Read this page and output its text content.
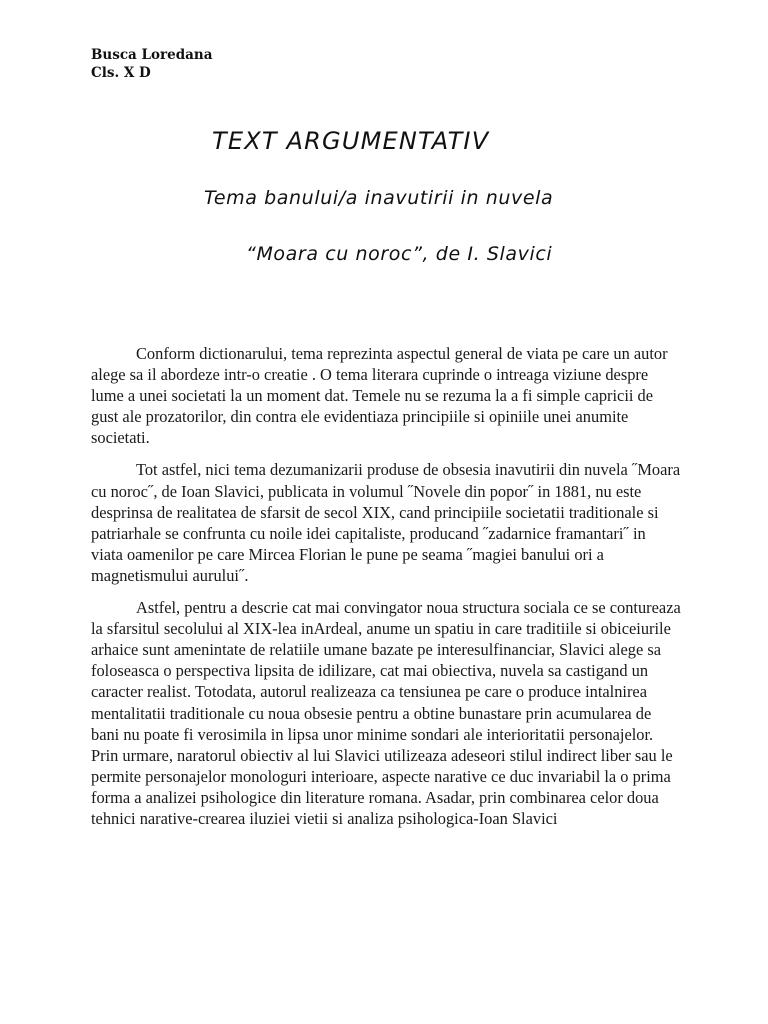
Busca Loredana
Cls. X D
TEXT ARGUMENTATIV
Tema banului/a inavutirii in nuvela
“Moara cu noroc”, de I. Slavici

Conform dictionarului, tema reprezinta aspectul general de viata pe care un autor alege sa il abordeze intr-o creatie . O tema literara cuprinde o intreaga viziune despre lume a unei societati la un moment dat. Temele nu se rezuma la a fi simple capricii de gust ale prozatorilor, din contra ele evidentiaza principiile si opiniile unei anumite societati.

Tot astfel, nici tema dezumanizarii produse de obsesia inavutirii din nuvela ˝Moara cu noroc˝, de Ioan Slavici, publicata in volumul ˝Novele din popor˝ in 1881, nu este desprinsa de realitatea de sfarsit de secol XIX, cand principiile societatii traditionale si patriarhale se confrunta cu noile idei capitaliste, producand ˝zadarnice framantari˝ in viata oamenilor pe care Mircea Florian le pune pe seama ˝magiei banului ori a magnetismului aurului˝.

Astfel, pentru a descrie cat mai convingator noua structura sociala ce se contureaza la sfarsitul secolului al XIX-lea inArdeal, anume un spatiu in care traditiile si obiceiurile arhaice sunt amenintate de relatiile umane bazate pe interesulfinanciar, Slavici alege sa foloseasca o perspectiva lipsita de idilizare, cat mai obiectiva, nuvela sa castigand un caracter realist. Totodata, autorul realizeaza ca tensiunea pe care o produce intalnirea mentalitatii traditionale cu noua obsesie pentru a obtine bunastare prin acumularea de bani nu poate fi verosimila in lipsa unor minime sondari ale interioritatii personajelor. Prin urmare, naratorul obiectiv al lui Slavici utilizeaza adeseori stilul indirect liber sau le permite personajelor monologuri interioare, aspecte narative ce duc invariabil la o prima forma a analizei psihologice din literature romana. Asadar, prin combinarea celor doua tehnici narative-crearea iluziei vietii si analiza psihologica-Ioan Slavici
